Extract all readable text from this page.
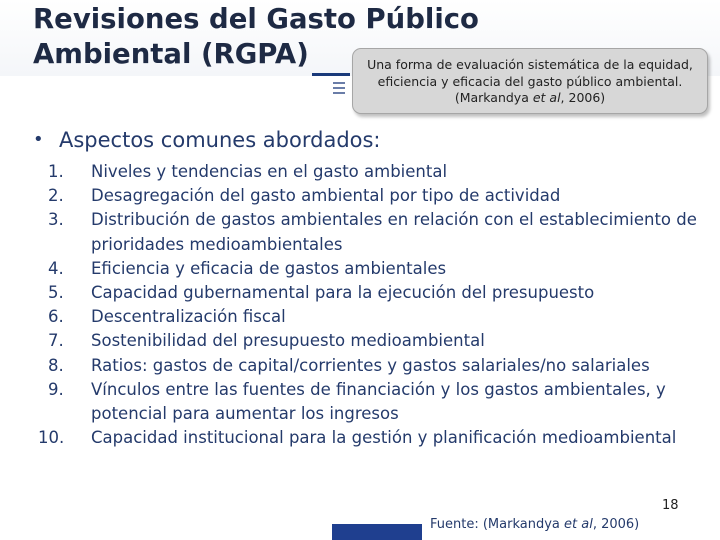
Revisiones del Gasto Público
Ambiental (RGPA)	Una forma de evaluación sistemática de la equidad, eficiencia y eficacia del gasto público ambiental. (Markandya et al, 2006)
• Aspectos comunes abordados:
1.	Niveles y tendencias en el gasto ambiental
2.	Desagregación del gasto ambiental por tipo de actividad
3.	Distribución de gastos ambientales en relación con el establecimiento de prioridades medioambientales
4.	Eficiencia y eficacia de gastos ambientales
5.	Capacidad gubernamental para la ejecución del presupuesto
6.	Descentralización fiscal
7.	Sostenibilidad del presupuesto medioambiental
8.	Ratios: gastos de capital/corrientes y gastos salariales/no salariales
9.	Vínculos entre las fuentes de financiación y los gastos ambientales, y potencial para aumentar los ingresos
10.	Capacidad institucional para la gestión y planificación medioambiental
18
Fuente: (Markandya et al, 2006)
